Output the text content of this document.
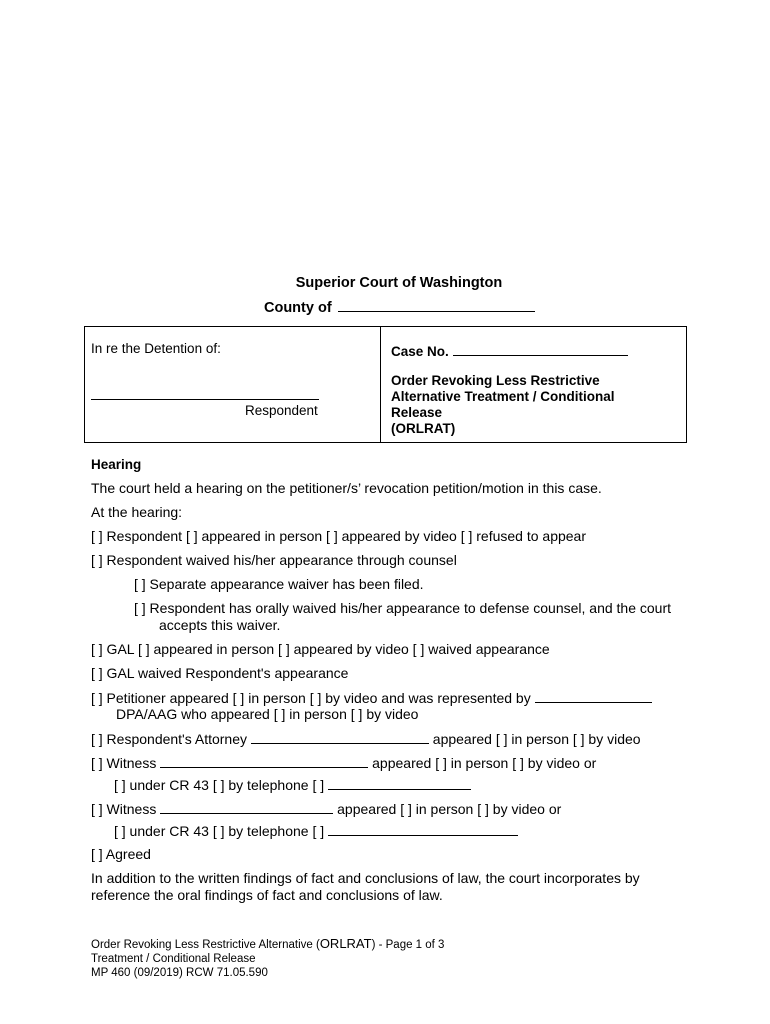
Superior Court of Washington
County of
In re the Detention of:
Respondent
Case No.
Order Revoking Less Restrictive
Alternative Treatment / Conditional
Release
(ORLRAT)
Hearing
The court held a hearing on the petitioner/s’ revocation petition/motion in this case.
At the hearing:
[ ] Respondent [ ] appeared in person [ ] appeared by video [ ] refused to appear
[ ] Respondent waived his/her appearance through counsel
[ ] Separate appearance waiver has been filed.
[ ] Respondent has orally waived his/her appearance to defense counsel, and the court
accepts this waiver.
[ ] GAL [ ] appeared in person [ ] appeared by video [ ] waived appearance
[ ] GAL waived Respondent's appearance
[ ] Petitioner appeared [ ] in person [ ] by video and was represented by
DPA/AAG who appeared [ ] in person [ ] by video
[ ] Respondent's Attorney	appeared [ ] in person [ ] by video
[ ] Witness	appeared [ ] in person [ ] by video or
[ ] under CR 43 [ ] by telephone [ ]
[ ] Witness	appeared [ ] in person [ ] by video or
[ ] under CR 43 [ ] by telephone [ ]
[ ] Agreed
In addition to the written findings of fact and conclusions of law, the court incorporates by
reference the oral findings of fact and conclusions of law.
Order Revoking Less Restrictive Alternative (ORLRAT) - Page 1 of 3
Treatment / Conditional Release
MP 460 (09/2019) RCW 71.05.590
